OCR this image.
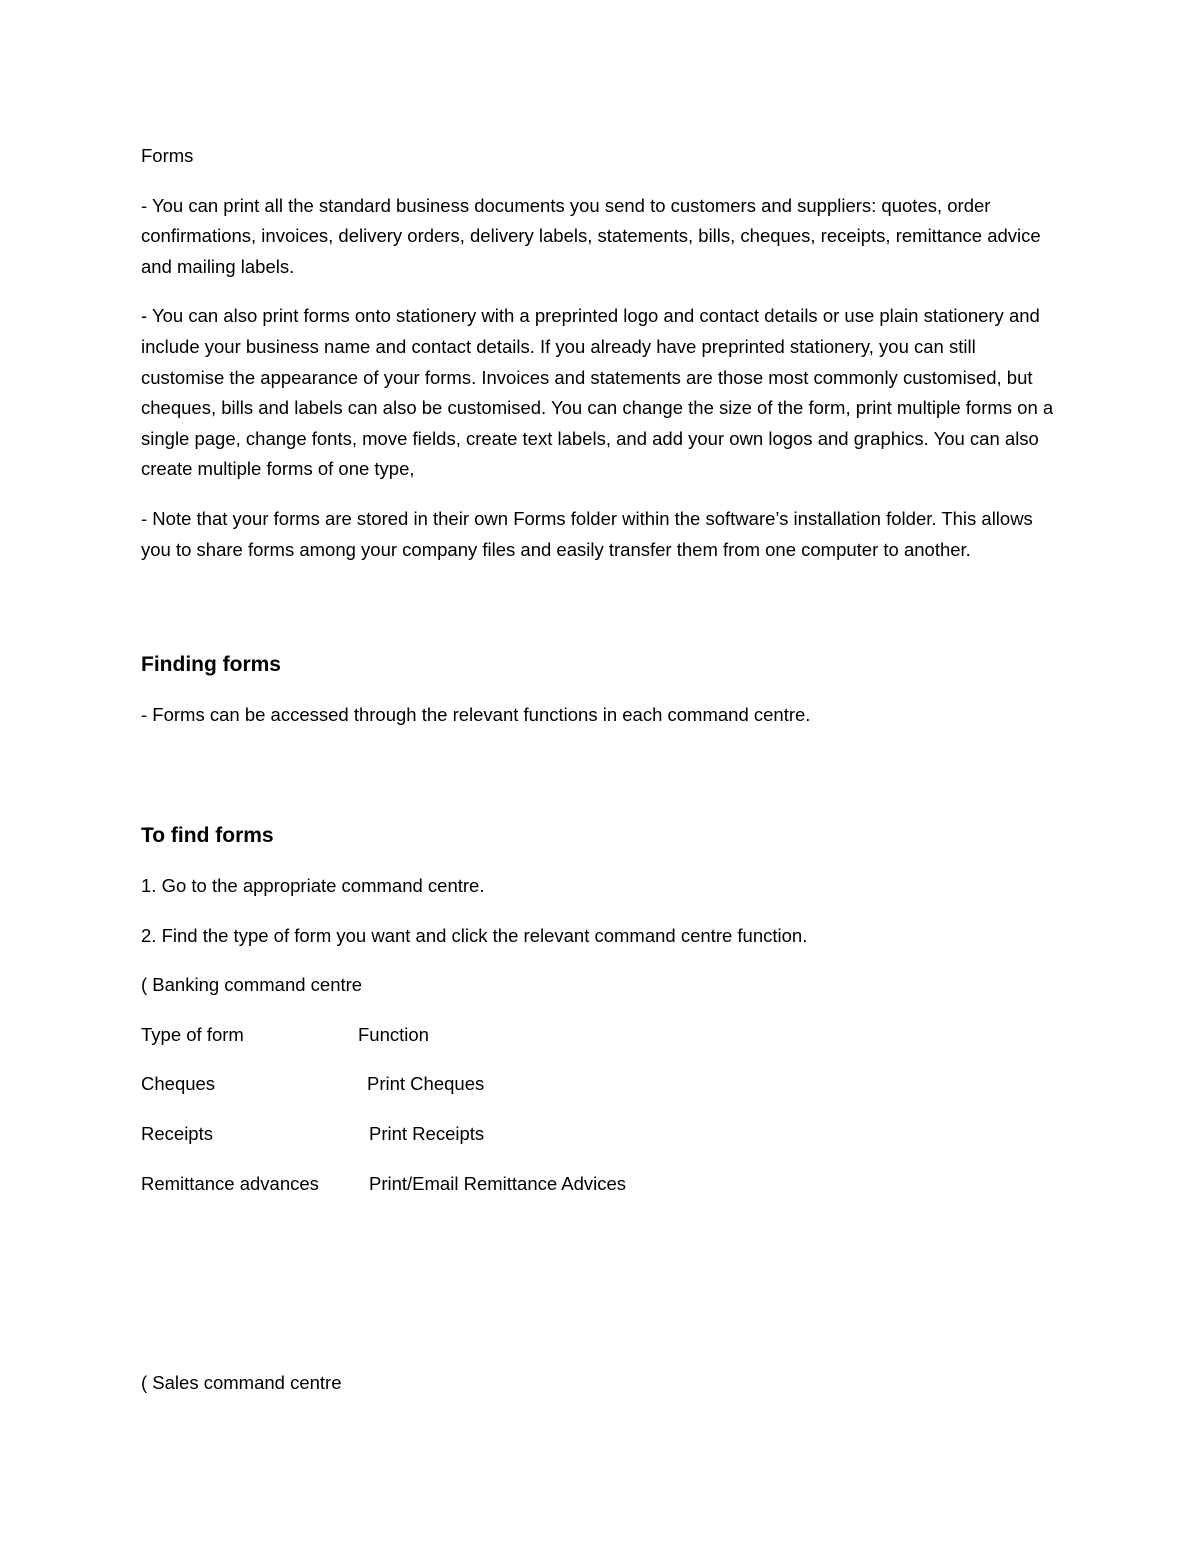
Forms

- You can print all the standard business documents you send to customers and suppliers: quotes, order confirmations, invoices, delivery orders, delivery labels, statements, bills, cheques, receipts, remittance advice and mailing labels.

- You can also print forms onto stationery with a preprinted logo and contact details or use plain stationery and include your business name and contact details. If you already have preprinted stationery, you can still customise the appearance of your forms. Invoices and statements are those most commonly customised, but cheques, bills and labels can also be customised. You can change the size of the form, print multiple forms on a single page, change fonts, move fields, create text labels, and add your own logos and graphics. You can also create multiple forms of one type,

- Note that your forms are stored in their own Forms folder within the software’s installation folder. This allows you to share forms among your company files and easily transfer them from one computer to another.

Finding forms

- Forms can be accessed through the relevant functions in each command centre.

To find forms

1. Go to the appropriate command centre.

2. Find the type of form you want and click the relevant command centre function.

( Banking command centre

Type of form	Function
Cheques	Print Cheques
Receipts	Print Receipts
Remittance advances	Print/Email Remittance Advices

( Sales command centre
